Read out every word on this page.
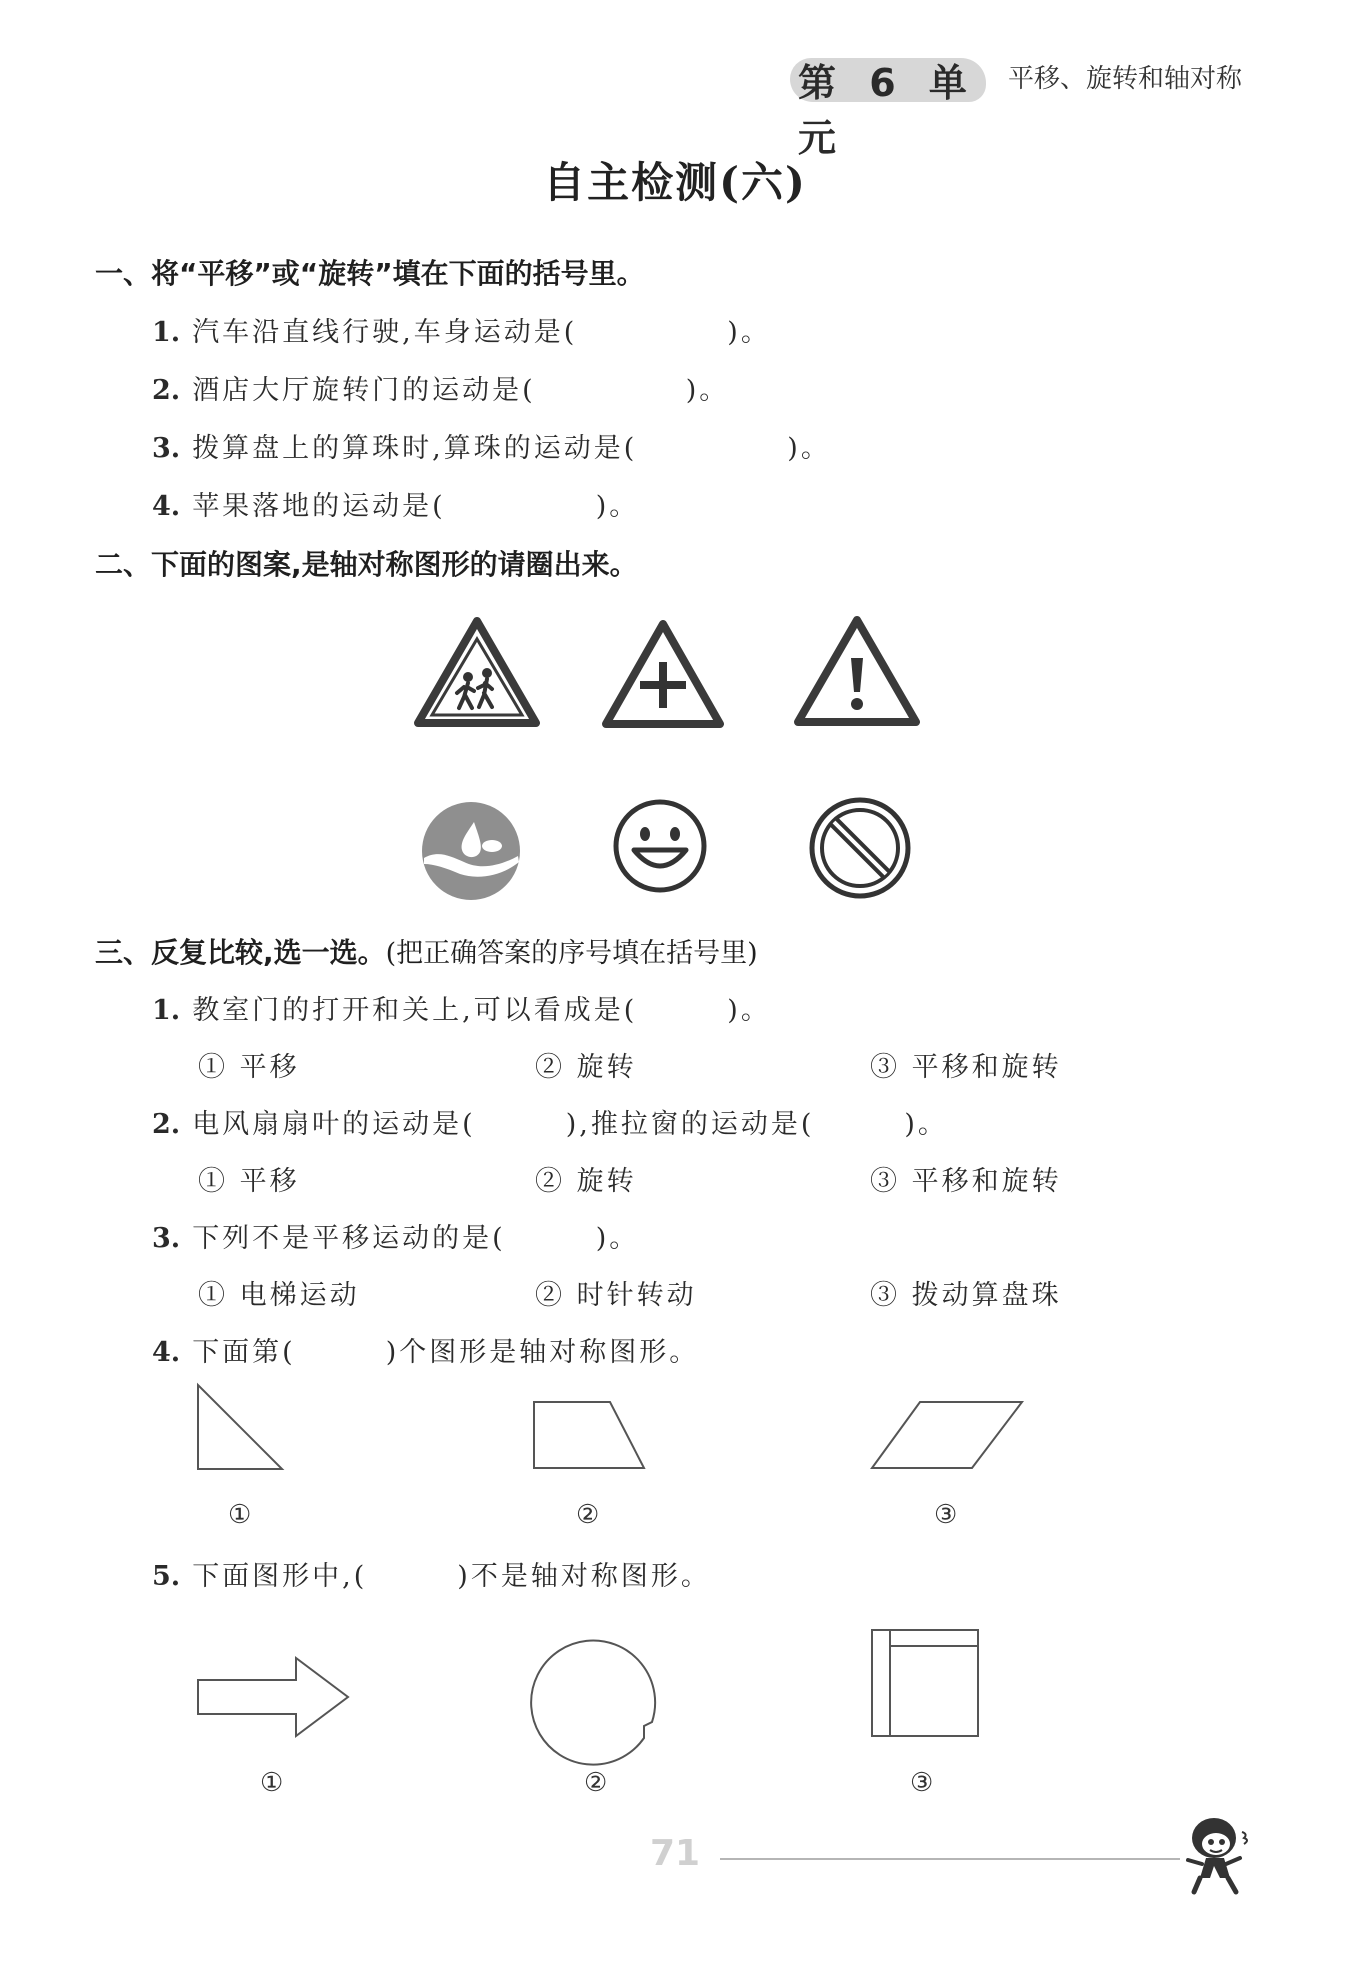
第 6 单元
平移、旋转和轴对称
自主检测(六)
一、将“平移”或“旋转”填在下面的括号里。
1. 汽车沿直线行驶,车身运动是(　　　　　)。
2. 酒店大厅旋转门的运动是(　　　　　)。
3. 拨算盘上的算珠时,算珠的运动是(　　　　　)。
4. 苹果落地的运动是(　　　　　)。
二、下面的图案,是轴对称图形的请圈出来。
三、反复比较,选一选。(把正确答案的序号填在括号里)
1. 教室门的打开和关上,可以看成是(　　　)。
① 平移	② 旋转	③ 平移和旋转
2. 电风扇扇叶的运动是(　　　),推拉窗的运动是(　　　)。
① 平移	② 旋转	③ 平移和旋转
3. 下列不是平移运动的是(　　　)。
① 电梯运动	② 时针转动	③ 拨动算盘珠
4. 下面第(　　　)个图形是轴对称图形。
①	②	③
5. 下面图形中,(　　　)不是轴对称图形。
①	②	③
71
